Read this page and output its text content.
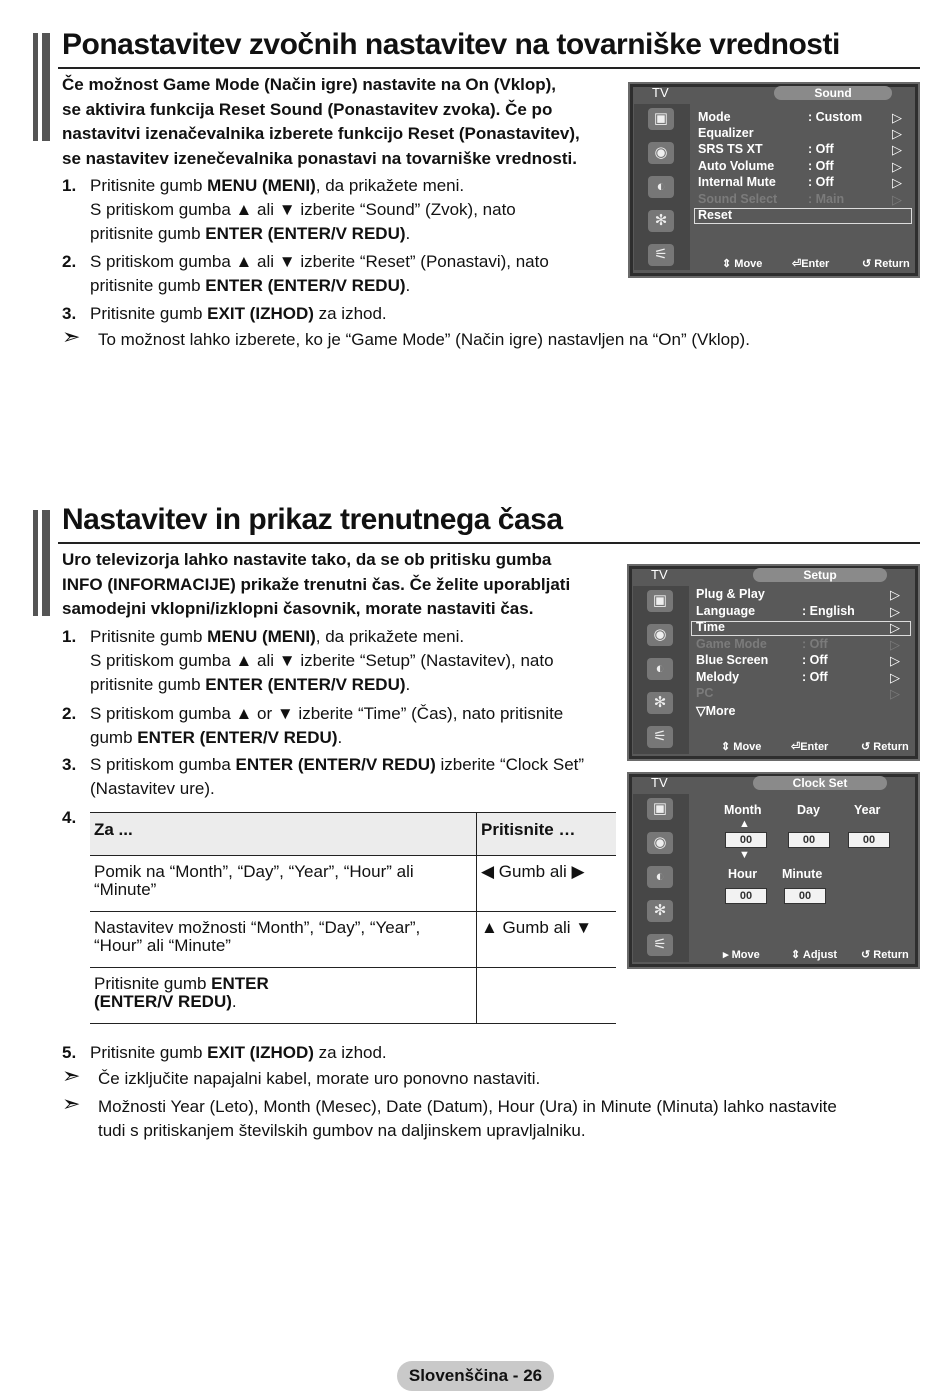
Ponastavitev zvočnih nastavitev na tovarniške vrednosti
Če možnost Game Mode (Način igre) nastavite na On (Vklop),
se aktivira funkcija Reset Sound (Ponastavitev zvoka). Če po
nastavitvi izenačevalnika izberete funkcijo Reset (Ponastavitev),
se nastavitev izenečevalnika ponastavi na tovarniške vrednosti.
1. Pritisnite gumb MENU (MENI), da prikažete meni.
S pritiskom gumba ▲ ali ▼ izberite “Sound” (Zvok), nato
pritisnite gumb ENTER (ENTER/V REDU).
2. S pritiskom gumba ▲ ali ▼ izberite “Reset” (Ponastavi), nato
pritisnite gumb ENTER (ENTER/V REDU).
3. Pritisnite gumb EXIT (IZHOD) za izhod.
➣ To možnost lahko izberete, ko je “Game Mode” (Način igre) nastavljen na “On” (Vklop).
TV	Sound
▣
◉
◐
✻
⚟
Mode	: Custom ▷
Equalizer	▷
SRS TS XT	: Off	▷
Auto Volume	: Off	▷
Internal Mute	: Off	▷
Sound Select : Main	▷
Reset
⇕ Move	⏎Enter	↺ Return
Nastavitev in prikaz trenutnega časa
Uro televizorja lahko nastavite tako, da se ob pritisku gumba
INFO (INFORMACIJE) prikaže trenutni čas. Če želite uporabljati
samodejni vklopni/izklopni časovnik, morate nastaviti čas.
1. Pritisnite gumb MENU (MENI), da prikažete meni.
S pritiskom gumba ▲ ali ▼ izberite “Setup” (Nastavitev), nato
pritisnite gumb ENTER (ENTER/V REDU).
2. S pritiskom gumba ▲ or ▼ izberite “Time” (Čas), nato pritisnite
gumb ENTER (ENTER/V REDU).
3. S pritiskom gumba ENTER (ENTER/V REDU) izberite “Clock Set”
(Nastavitev ure).
4.
Za ...	Pritisnite …

Pomik na “Month”, “Day”, “Year”, “Hour” ali
“Minute”	◀ Gumb ali ▶

Nastavitev možnosti “Month”, “Day”, “Year”,
“Hour” ali “Minute”	▲ Gumb ali ▼

Pritisnite gumb ENTER
(ENTER/V REDU).	

5. Pritisnite gumb EXIT (IZHOD) za izhod.
➣ Če izključite napajalni kabel, morate uro ponovno nastaviti.
➣ Možnosti Year (Leto), Month (Mesec), Date (Datum), Hour (Ura) in Minute (Minuta) lahko nastavite
tudi s pritiskanjem številskih gumbov na daljinskem upravljalniku.
TV	Setup
▣
◉
◐
✻
⚟
Plug & Play	▷
Language	: English	▷
Time	▷
Game Mode	: Off	▷
Blue Screen	: Off	▷
Melody	: Off	▷
PC	▷
▽More
⇕ Move	⏎Enter	↺ Return
TV	Clock Set
▣
◉
◐
✻
⚟
Month	Day	Year
▲
00	00	00
▼
Hour Minute
00	00
▸ Move	⇕ Adjust ↺ Return
Slovenščina - 26
